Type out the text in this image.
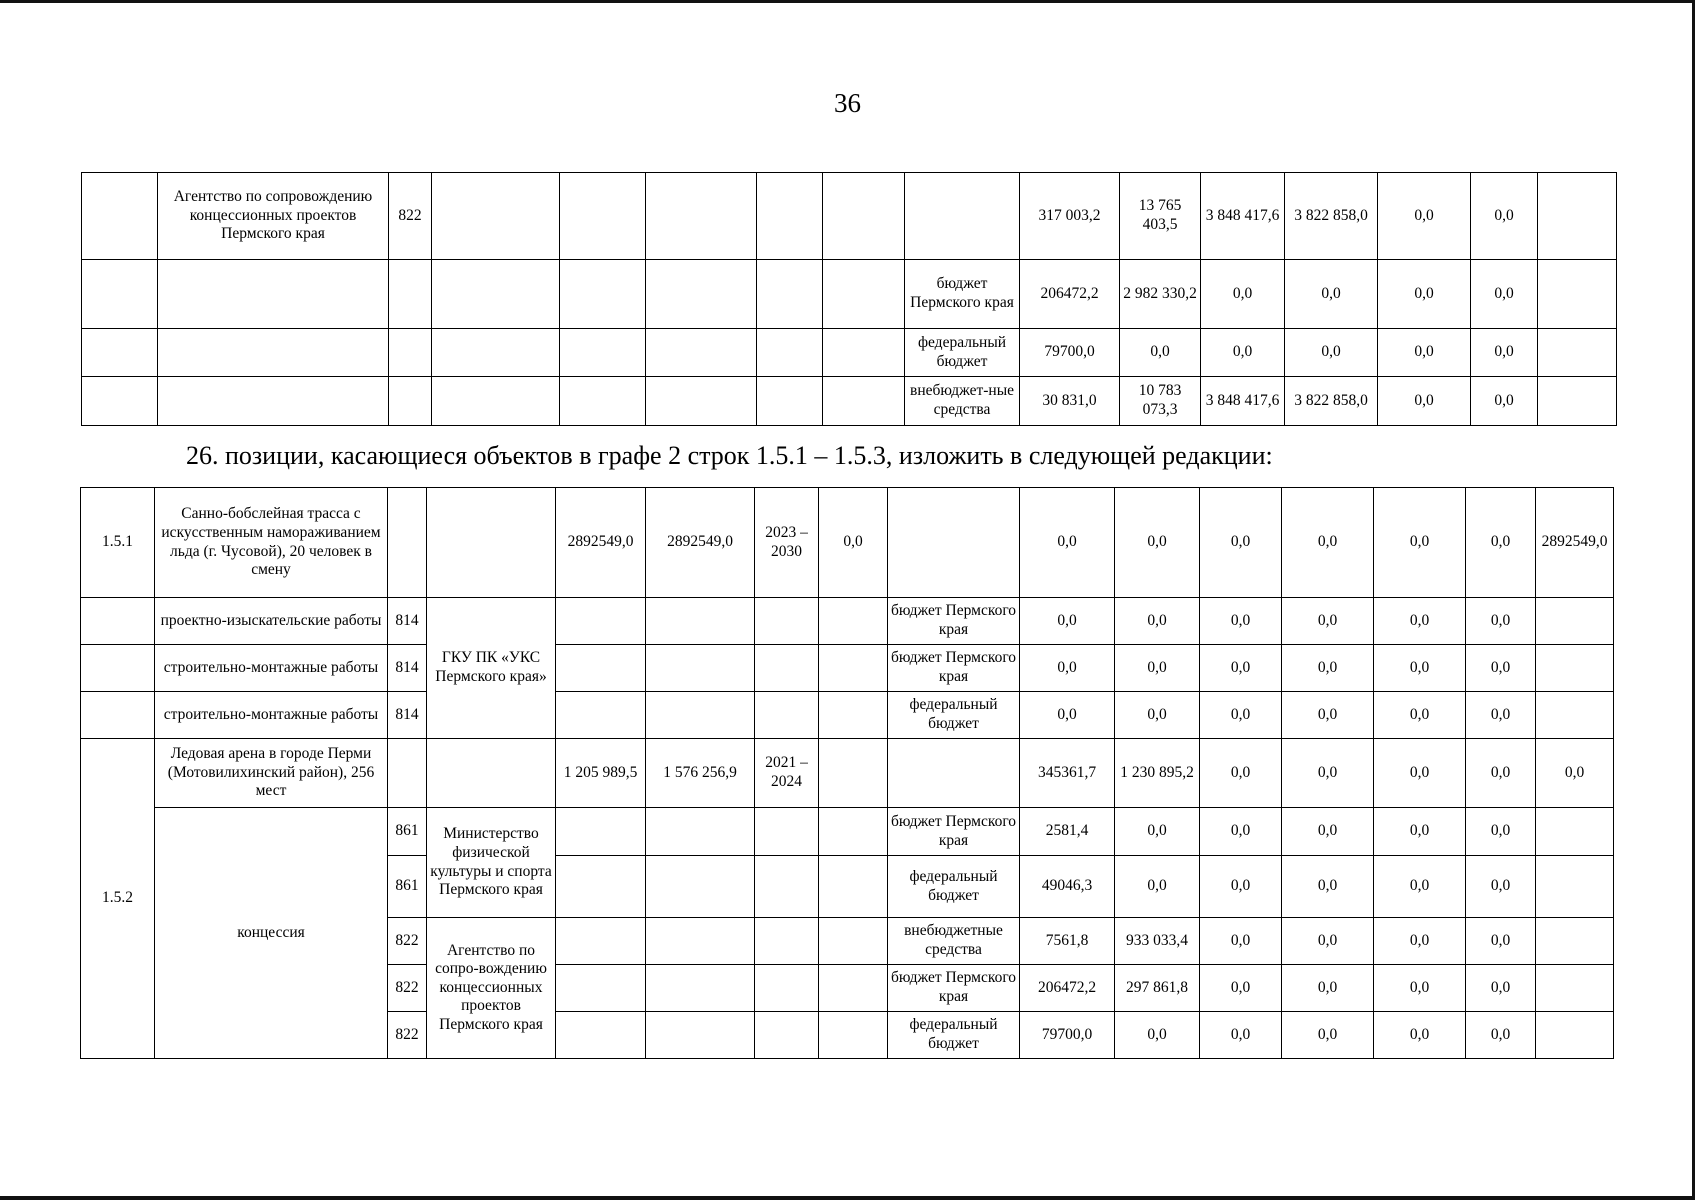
36
	Агентство по сопровождению концессионных проектов Пермского края	822							317 003,2	13 765 403,5	3 848 417,6	3 822 858,0	0,0	0,0	
								бюджет Пермского края	206472,2	2 982 330,2	0,0	0,0	0,0	0,0	
								федеральный бюджет	79700,0	0,0	0,0	0,0	0,0	0,0	
								внебюджет-ные средства	30 831,0	10 783 073,3	3 848 417,6	3 822 858,0	0,0	0,0	
26. позиции, касающиеся объектов в графе 2 строк 1.5.1 – 1.5.3, изложить в следующей редакции:
1.5.1	Санно-бобслейная трасса с искусственным намораживанием льда (г. Чусовой), 20 человек в смену			2892549,0	2892549,0	2023 – 2030	0,0		0,0	0,0	0,0	0,0	0,0	0,0	2892549,0
	проектно-изыскательские работы	814	ГКУ ПК «УКС Пермского края»					бюджет Пермского края	0,0	0,0	0,0	0,0	0,0	0,0	
	строительно-монтажные работы	814						бюджет Пермского края	0,0	0,0	0,0	0,0	0,0	0,0	
	строительно-монтажные работы	814						федеральный бюджет	0,0	0,0	0,0	0,0	0,0	0,0	
1.5.2	Ледовая арена в городе Перми (Мотовилихинский район), 256 мест			1 205 989,5	1 576 256,9	2021 – 2024			345361,7	1 230 895,2	0,0	0,0	0,0	0,0	0,0
	концессия	861	Министерство физической культуры и спорта Пермского края					бюджет Пермского края	2581,4	0,0	0,0	0,0	0,0	0,0	
		861						федеральный бюджет	49046,3	0,0	0,0	0,0	0,0	0,0	
		822	Агентство по сопро-вождению концессионных проектов Пермского края					внебюджетные средства	7561,8	933 033,4	0,0	0,0	0,0	0,0	
		822						бюджет Пермского края	206472,2	297 861,8	0,0	0,0	0,0	0,0	
		822						федеральный бюджет	79700,0	0,0	0,0	0,0	0,0	0,0	
